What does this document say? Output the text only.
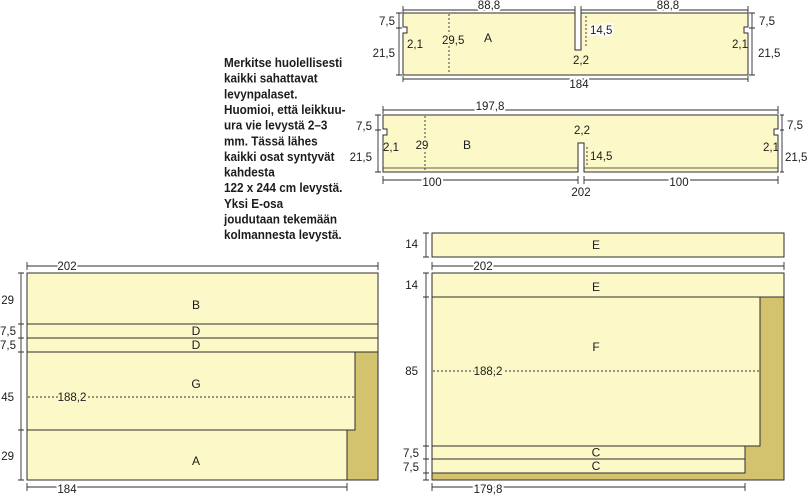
88,8	88,8
7,5
21,5
7,5
21,5
2,1	2,1
29,5 A	14,5
2,2
184
197,8
7,5
21,5
7,5
21,5
2,1	2,1
29	B
2,2
14,5
100	100
202
Merkitse huolellisesti
kaikki sahattavat
levynpalaset.
Huomioi, että leikkuu-
ura vie levystä 2–3
mm. Tässä lähes
kaikki osat syntyvät
kahdesta
122 x 244 cm levystä.
Yksi E-osa
joudutaan tekemään
kolmannesta levystä.
202
B
D
D
G
A
29
7,5
7,5
45
29
188,2
184
E
14
202
E
F
C
C
14
85
7,5
7,5
188,2
179,8
